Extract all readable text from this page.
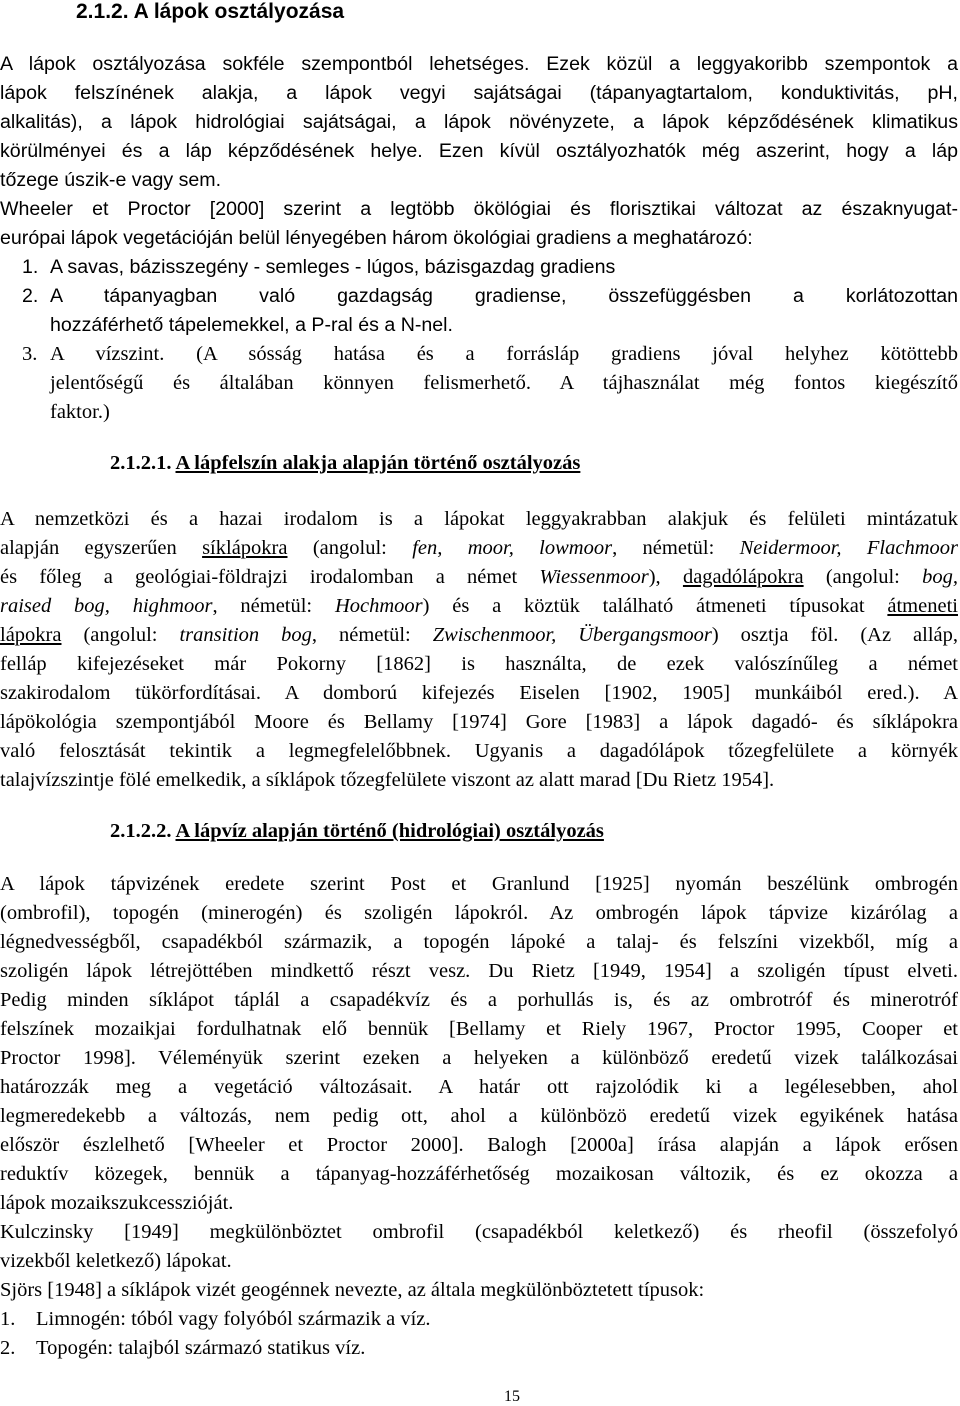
2.1.2. A lápok osztályozása

A lápok osztályozása sokféle szempontból lehetséges. Ezek közül a leggyakoribb szempontok a
lápok felszínének alakja, a lápok vegyi sajátságai (tápanyagtartalom, konduktivitás, pH,
alkalitás), a lápok hidrológiai sajátságai, a lápok növényzete, a lápok képződésének klimatikus
körülményei és a láp képződésének helye. Ezen kívül osztályozhatók még aszerint, hogy a láp
tőzege úszik-e vagy sem.
Wheeler et Proctor [2000] szerint a legtöbb ökölógiai és florisztikai változat az északnyugat-
európai lápok vegetációján belül lényegében három ökológiai gradiens a meghatározó:

1. A savas, bázisszegény - semleges - lúgos, bázisgazdag gradiens
2. A tápanyagban való gazdagság gradiense, összefüggésben a korlátozottan
hozzáférhető tápelemekkel, a P-ral és a N-nel.
3. A vízszint. (A sósság hatása és a forrásláp gradiens jóval helyhez kötöttebb
jelentőségű és általában könnyen felismerhető. A tájhasználat még fontos kiegészítő
faktor.)
2.1.2.1. A lápfelszín alakja alapján történő osztályozás

A nemzetközi és a hazai irodalom is a lápokat leggyakrabban alakjuk és felületi mintázatuk
alapján egyszerűen síklápokra (angolul: fen, moor, lowmoor, németül: Neidermoor, Flachmoor
és főleg a geológiai-földrajzi irodalomban a német Wiessenmoor), dagadólápokra (angolul: bog,
raised bog, highmoor, németül: Hochmoor) és a köztük található átmeneti típusokat átmeneti
lápokra (angolul: transition bog, németül: Zwischenmoor, Übergangsmoor) osztja föl. (Az alláp,
felláp kifejezéseket már Pokorny [1862] is használta, de ezek valószínűleg a német
szakirodalom tükörfordításai. A domború kifejezés Eiselen [1902, 1905] munkáiból ered.). A
lápökológia szempontjából Moore és Bellamy [1974] Gore [1983] a lápok dagadó- és síklápokra
való felosztását tekintik a legmegfelelőbbnek. Ugyanis a dagadólápok tőzegfelülete a környék
talajvízszintje fölé emelkedik, a síklápok tőzegfelülete viszont az alatt marad [Du Rietz 1954].

2.1.2.2. A lápvíz alapján történő (hidrológiai) osztályozás

A lápok tápvizének eredete szerint Post et Granlund [1925] nyomán beszélünk ombrogén
(ombrofil), topogén (minerogén) és szoligén lápokról. Az ombrogén lápok tápvize kizárólag a
légnedvességből, csapadékból származik, a topogén lápoké a talaj- és felszíni vizekből, míg a
szoligén lápok létrejöttében mindkettő részt vesz. Du Rietz [1949, 1954] a szoligén típust elveti.
Pedig minden síklápot táplál a csapadékvíz és a porhullás is, és az ombrotróf és minerotróf
felszínek mozaikjai fordulhatnak elő bennük [Bellamy et Riely 1967, Proctor 1995, Cooper et
Proctor 1998]. Véleményük szerint ezeken a helyeken a különböző eredetű vizek találkozásai
határozzák meg a vegetáció változásait. A határ ott rajzolódik ki a legélesebben, ahol
legmeredekebb a változás, nem pedig ott, ahol a különbözö eredetű vizek egyikének hatása
először észlelhető [Wheeler et Proctor 2000]. Balogh [2000a] írása alapján a lápok erősen
reduktív közegek, bennük a tápanyag-hozzáférhetőség mozaikosan változik, és ez okozza a
lápok mozaikszukcesszióját.
Kulczinsky [1949] megkülönböztet ombrofil (csapadékból keletkező) és rheofil (összefolyó
vizekből keletkező) lápokat.
Sjörs [1948] a síklápok vizét geogénnek nevezte, az általa megkülönböztetett típusok:

1. Limnogén: tóból vagy folyóból származik a víz.
2. Topogén: talajból származó statikus víz.
15
